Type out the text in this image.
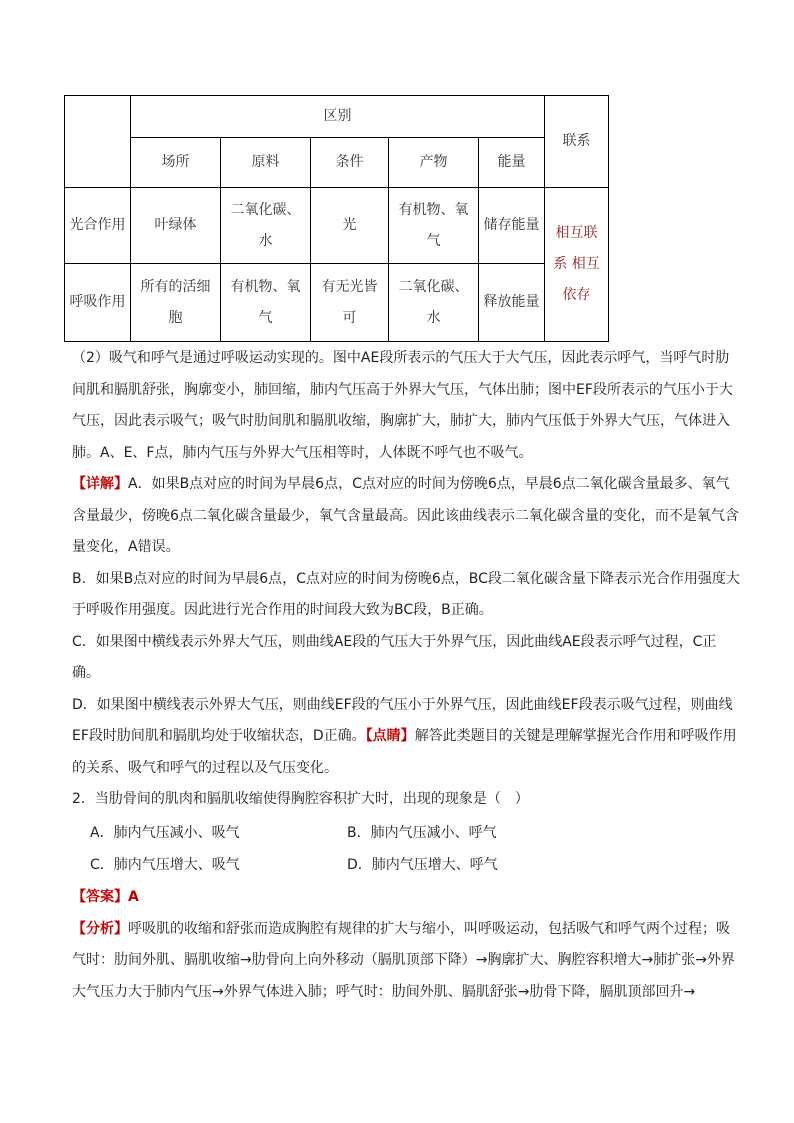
	区别					联系
	场所	原料	条件	产物	能量	
光合作用	叶绿体	二氧化碳、水	光	有机物、氧气	储存能量	相互联系 相互依存
呼吸作用	所有的活细胞	有机物、氧气	有无光皆可	二氧化碳、水	释放能量	

（2）吸气和呼气是通过呼吸运动实现的。图中AE段所表示的气压大于大气压，因此表示呼气，当呼气时肋间肌和膈肌舒张，胸廓变小，肺回缩，肺内气压高于外界大气压，气体出肺；图中EF段所表示的气压小于大气压，因此表示吸气；吸气时肋间肌和膈肌收缩，胸廓扩大，肺扩大，肺内气压低于外界大气压，气体进入肺。A、E、F点，肺内气压与外界大气压相等时，人体既不呼气也不吸气。

【详解】A．如果B点对应的时间为早晨6点，C点对应的时间为傍晚6点，早晨6点二氧化碳含量最多、氧气含量最少，傍晚6点二氧化碳含量最少，氧气含量最高。因此该曲线表示二氧化碳含量的变化，而不是氧气含量变化，A错误。

B．如果B点对应的时间为早晨6点，C点对应的时间为傍晚6点，BC段二氧化碳含量下降表示光合作用强度大于呼吸作用强度。因此进行光合作用的时间段大致为BC段，B正确。

C．如果图中横线表示外界大气压，则曲线AE段的气压大于外界气压，因此曲线AE段表示呼气过程，C正确。

D．如果图中横线表示外界大气压，则曲线EF段的气压小于外界气压，因此曲线EF段表示吸气过程，则曲线EF段时肋间肌和膈肌均处于收缩状态，D正确。【点睛】解答此类题目的关键是理解掌握光合作用和呼吸作用的关系、吸气和呼气的过程以及气压变化。

2．当肋骨间的肌肉和膈肌收缩使得胸腔容积扩大时，出现的现象是（　）

A．肺内气压减小、吸气	B．肺内气压减小、呼气
C．肺内气压增大、吸气	D．肺内气压增大、呼气

【答案】A

【分析】呼吸肌的收缩和舒张而造成胸腔有规律的扩大与缩小，叫呼吸运动，包括吸气和呼气两个过程；吸气时：肋间外肌、膈肌收缩→肋骨向上向外移动（膈肌顶部下降）→胸廓扩大、胸腔容积增大→肺扩张→外界大气压力大于肺内气压→外界气体进入肺；呼气时：肋间外肌、膈肌舒张→肋骨下降，膈肌顶部回升→
